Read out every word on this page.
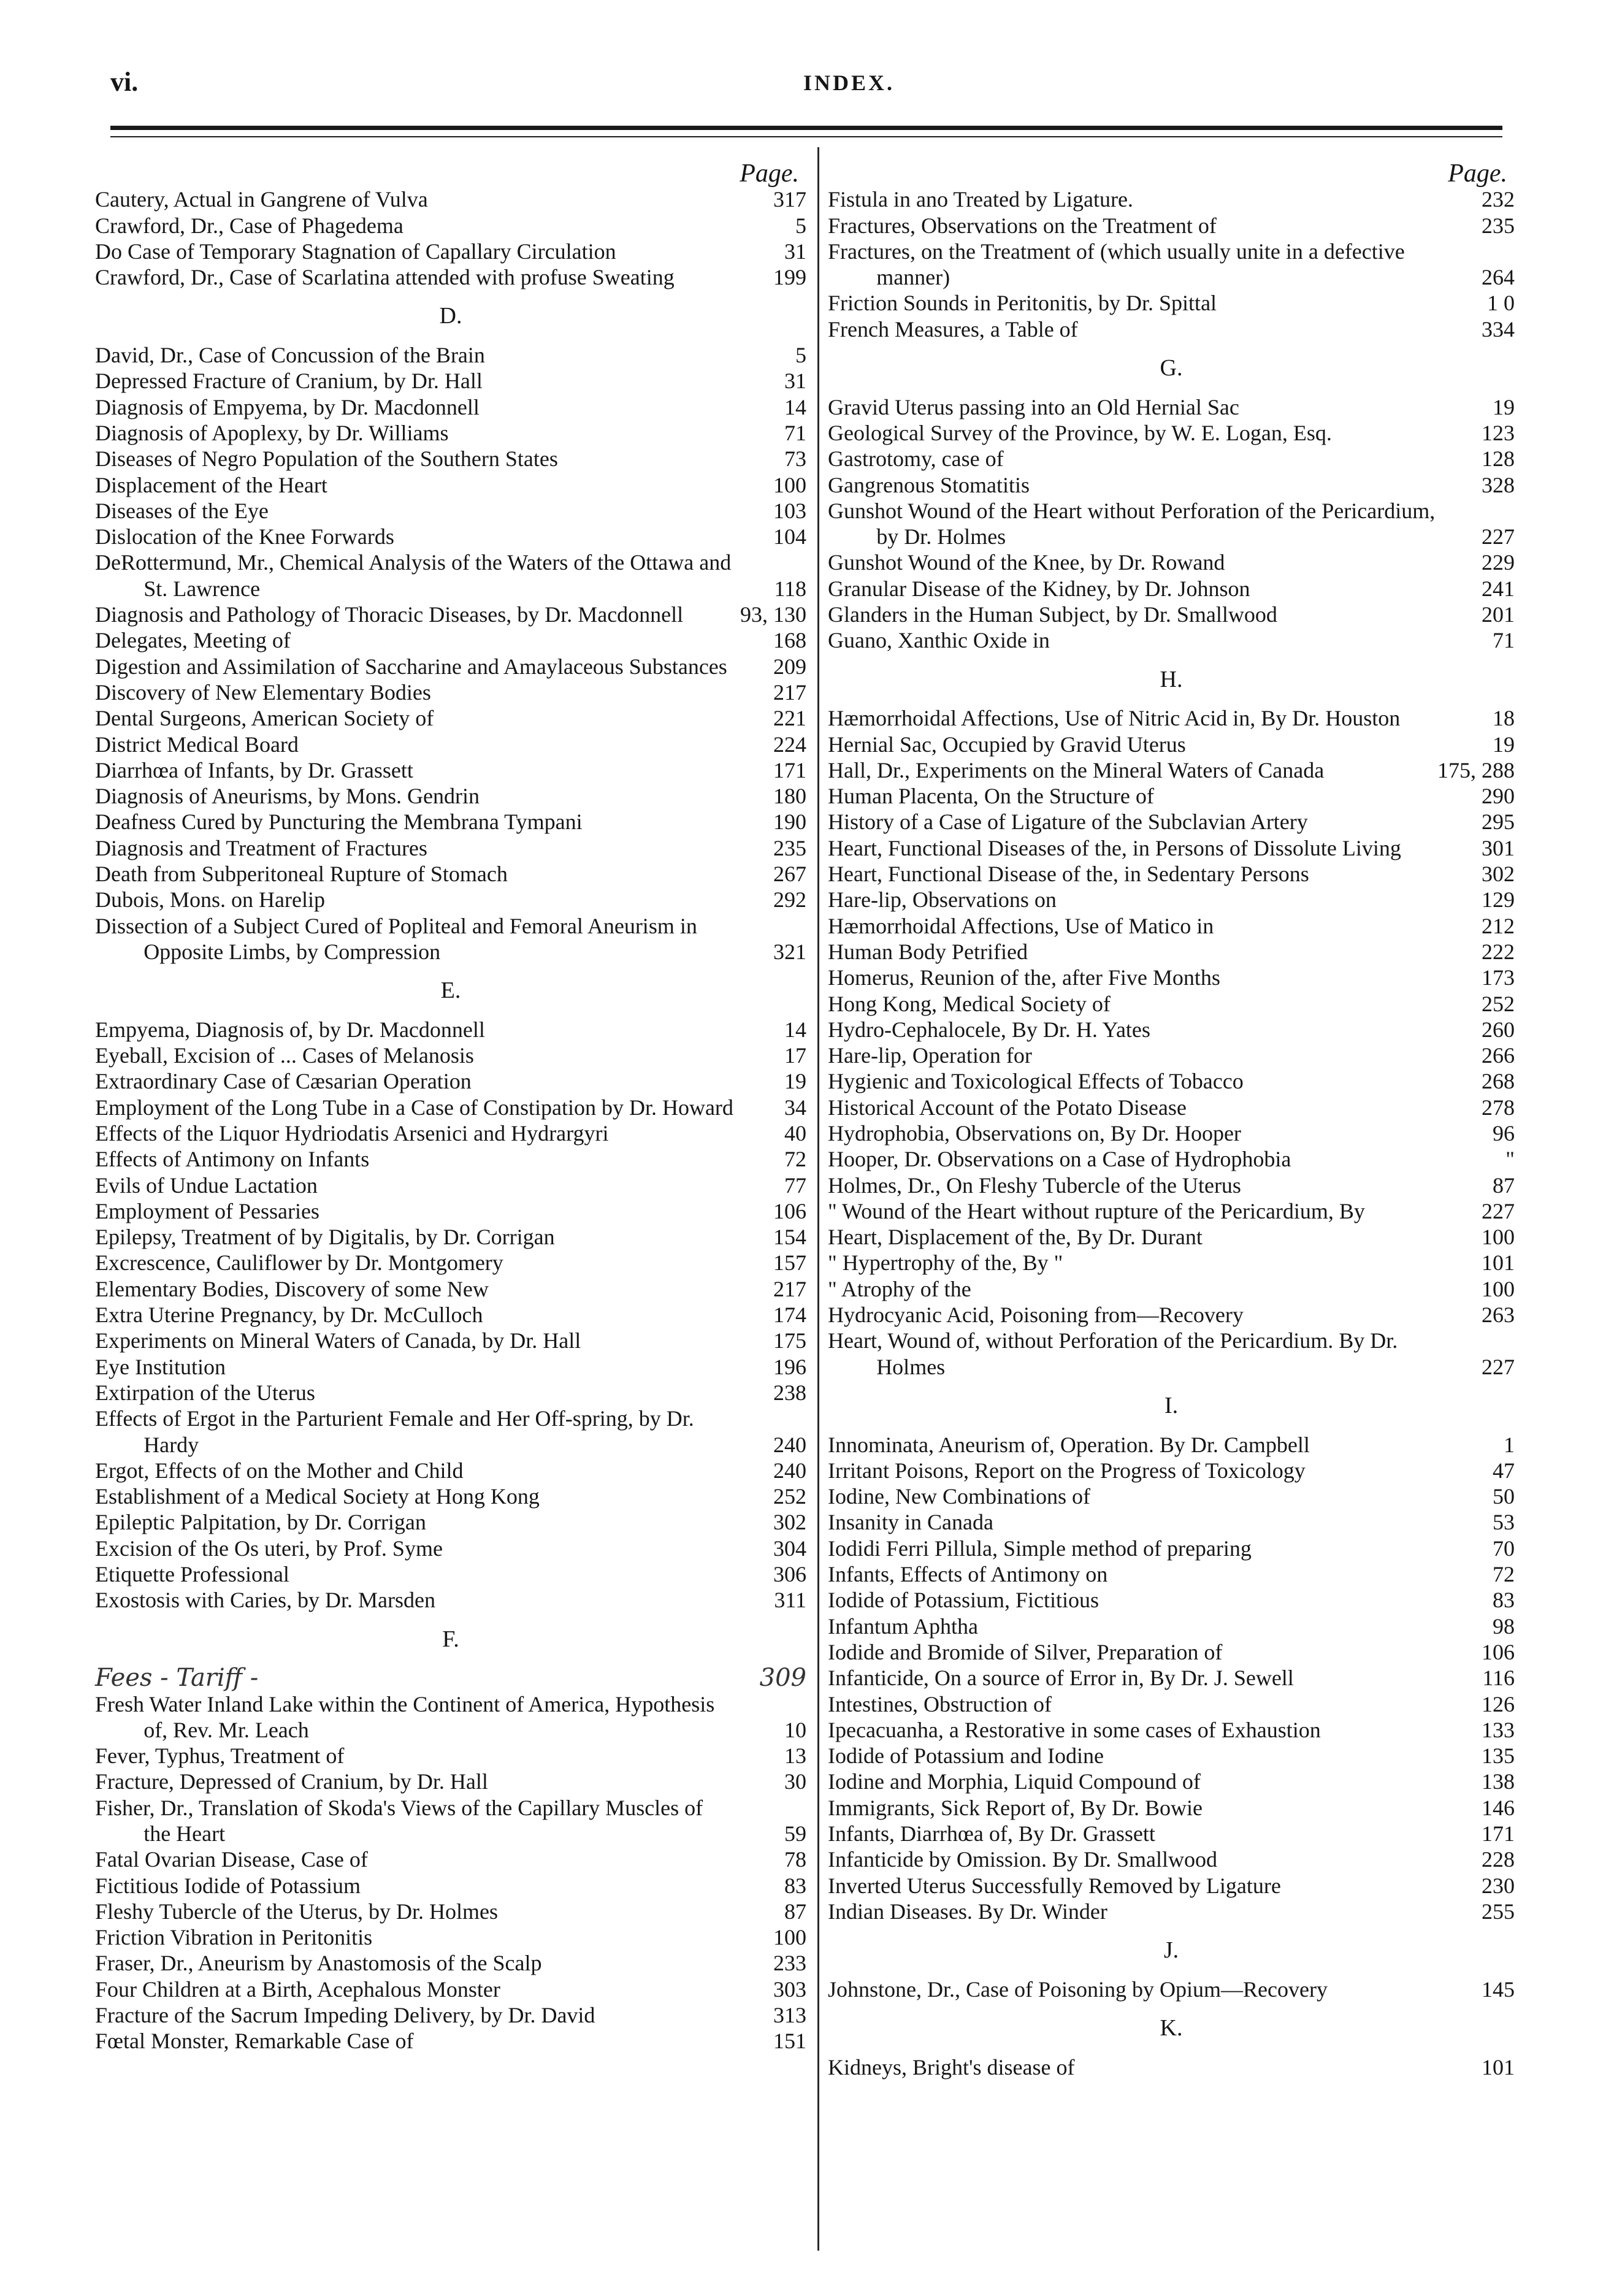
vi.	INDEX.
Page.
Cautery, Actual in Gangrene of Vulva	317
Crawford, Dr., Case of Phagedema	5
Do Case of Temporary Stagnation of Capallary Circulation	31
Crawford, Dr., Case of Scarlatina attended with profuse Sweating	199
D.
David, Dr., Case of Concussion of the Brain	5
Depressed Fracture of Cranium, by Dr. Hall	31
Diagnosis of Empyema, by Dr. Macdonnell	14
Diagnosis of Apoplexy, by Dr. Williams	71
Diseases of Negro Population of the Southern States	73
Displacement of the Heart	100
Diseases of the Eye	103
Dislocation of the Knee Forwards	104
DeRottermund, Mr., Chemical Analysis of the Waters of the Ottawa and St. Lawrence	118
Diagnosis and Pathology of Thoracic Diseases, by Dr. Macdonnell	93, 130
Delegates, Meeting of	168
Digestion and Assimilation of Saccharine and Amaylaceous Substances	209
Discovery of New Elementary Bodies	217
Dental Surgeons, American Society of	221
District Medical Board	224
Diarrhœa of Infants, by Dr. Grassett	171
Diagnosis of Aneurisms, by Mons. Gendrin	180
Deafness Cured by Puncturing the Membrana Tympani	190
Diagnosis and Treatment of Fractures	235
Death from Subperitoneal Rupture of Stomach	267
Dubois, Mons. on Harelip	292
Dissection of a Subject Cured of Popliteal and Femoral Aneurism in Opposite Limbs, by Compression	321
E.
Empyema, Diagnosis of, by Dr. Macdonnell	14
Eyeball, Excision of ... Cases of Melanosis	17
Extraordinary Case of Cæsarian Operation	19
Employment of the Long Tube in a Case of Constipation by Dr. Howard	34
Effects of the Liquor Hydriodatis Arsenici and Hydrargyri	40
Effects of Antimony on Infants	72
Evils of Undue Lactation	77
Employment of Pessaries	106
Epilepsy, Treatment of by Digitalis, by Dr. Corrigan	154
Excrescence, Cauliflower by Dr. Montgomery	157
Elementary Bodies, Discovery of some New	217
Extra Uterine Pregnancy, by Dr. McCulloch	174
Experiments on Mineral Waters of Canada, by Dr. Hall	175
Eye Institution	196
Extirpation of the Uterus	238
Effects of Ergot in the Parturient Female and Her Off-spring, by Dr. Hardy	240
Ergot, Effects of on the Mother and Child	240
Establishment of a Medical Society at Hong Kong	252
Epileptic Palpitation, by Dr. Corrigan	302
Excision of the Os uteri, by Prof. Syme	304
Etiquette Professional	306
Exostosis with Caries, by Dr. Marsden	311
F.
Fees - Tariff -	309
Fresh Water Inland Lake within the Continent of America, Hypothesis of, Rev. Mr. Leach	10
Fever, Typhus, Treatment of	13
Fracture, Depressed of Cranium, by Dr. Hall	30
Fisher, Dr., Translation of Skoda's Views of the Capillary Muscles of the Heart	59
Fatal Ovarian Disease, Case of	78
Fictitious Iodide of Potassium	83
Fleshy Tubercle of the Uterus, by Dr. Holmes	87
Friction Vibration in Peritonitis	100
Fraser, Dr., Aneurism by Anastomosis of the Scalp	233
Four Children at a Birth, Acephalous Monster	303
Fracture of the Sacrum Impeding Delivery, by Dr. David	313
Fœtal Monster, Remarkable Case of	151
Page.
Fistula in ano Treated by Ligature.	232
Fractures, Observations on the Treatment of	235
Fractures, on the Treatment of (which usually unite in a defective manner)	264
Friction Sounds in Peritonitis, by Dr. Spittal	1 0
French Measures, a Table of	334
G.
Gravid Uterus passing into an Old Hernial Sac	19
Geological Survey of the Province, by W. E. Logan, Esq.	123
Gastrotomy, case of	128
Gangrenous Stomatitis	328
Gunshot Wound of the Heart without Perforation of the Pericardium, by Dr. Holmes	227
Gunshot Wound of the Knee, by Dr. Rowand	229
Granular Disease of the Kidney, by Dr. Johnson	241
Glanders in the Human Subject, by Dr. Smallwood	201
Guano, Xanthic Oxide in	71
H.
Hæmorrhoidal Affections, Use of Nitric Acid in, By Dr. Houston	18
Hernial Sac, Occupied by Gravid Uterus	19
Hall, Dr., Experiments on the Mineral Waters of Canada	175, 288
Human Placenta, On the Structure of	290
History of a Case of Ligature of the Subclavian Artery	295
Heart, Functional Diseases of the, in Persons of Dissolute Living	301
Heart, Functional Disease of the, in Sedentary Persons	302
Hare-lip, Observations on	129
Hæmorrhoidal Affections, Use of Matico in	212
Human Body Petrified	222
Homerus, Reunion of the, after Five Months	173
Hong Kong, Medical Society of	252
Hydro-Cephalocele, By Dr. H. Yates	260
Hare-lip, Operation for	266
Hygienic and Toxicological Effects of Tobacco	268
Historical Account of the Potato Disease	278
Hydrophobia, Observations on, By Dr. Hooper	96
Hooper, Dr. Observations on a Case of Hydrophobia	"
Holmes, Dr., On Fleshy Tubercle of the Uterus	87
" Wound of the Heart without rupture of the Pericardium, By	227
Heart, Displacement of the, By Dr. Durant	100
" Hypertrophy of the, By "	101
" Atrophy of the	100
Hydrocyanic Acid, Poisoning from—Recovery	263
Heart, Wound of, without Perforation of the Pericardium. By Dr. Holmes	227
I.
Innominata, Aneurism of, Operation. By Dr. Campbell	1
Irritant Poisons, Report on the Progress of Toxicology	47
Iodine, New Combinations of	50
Insanity in Canada	53
Iodidi Ferri Pillula, Simple method of preparing	70
Infants, Effects of Antimony on	72
Iodide of Potassium, Fictitious	83
Infantum Aphtha	98
Iodide and Bromide of Silver, Preparation of	106
Infanticide, On a source of Error in, By Dr. J. Sewell	116
Intestines, Obstruction of	126
Ipecacuanha, a Restorative in some cases of Exhaustion	133
Iodide of Potassium and Iodine	135
Iodine and Morphia, Liquid Compound of	138
Immigrants, Sick Report of, By Dr. Bowie	146
Infants, Diarrhœa of, By Dr. Grassett	171
Infanticide by Omission. By Dr. Smallwood	228
Inverted Uterus Successfully Removed by Ligature	230
Indian Diseases. By Dr. Winder	255
J.
Johnstone, Dr., Case of Poisoning by Opium—Recovery	145
K.
Kidneys, Bright's disease of	101
